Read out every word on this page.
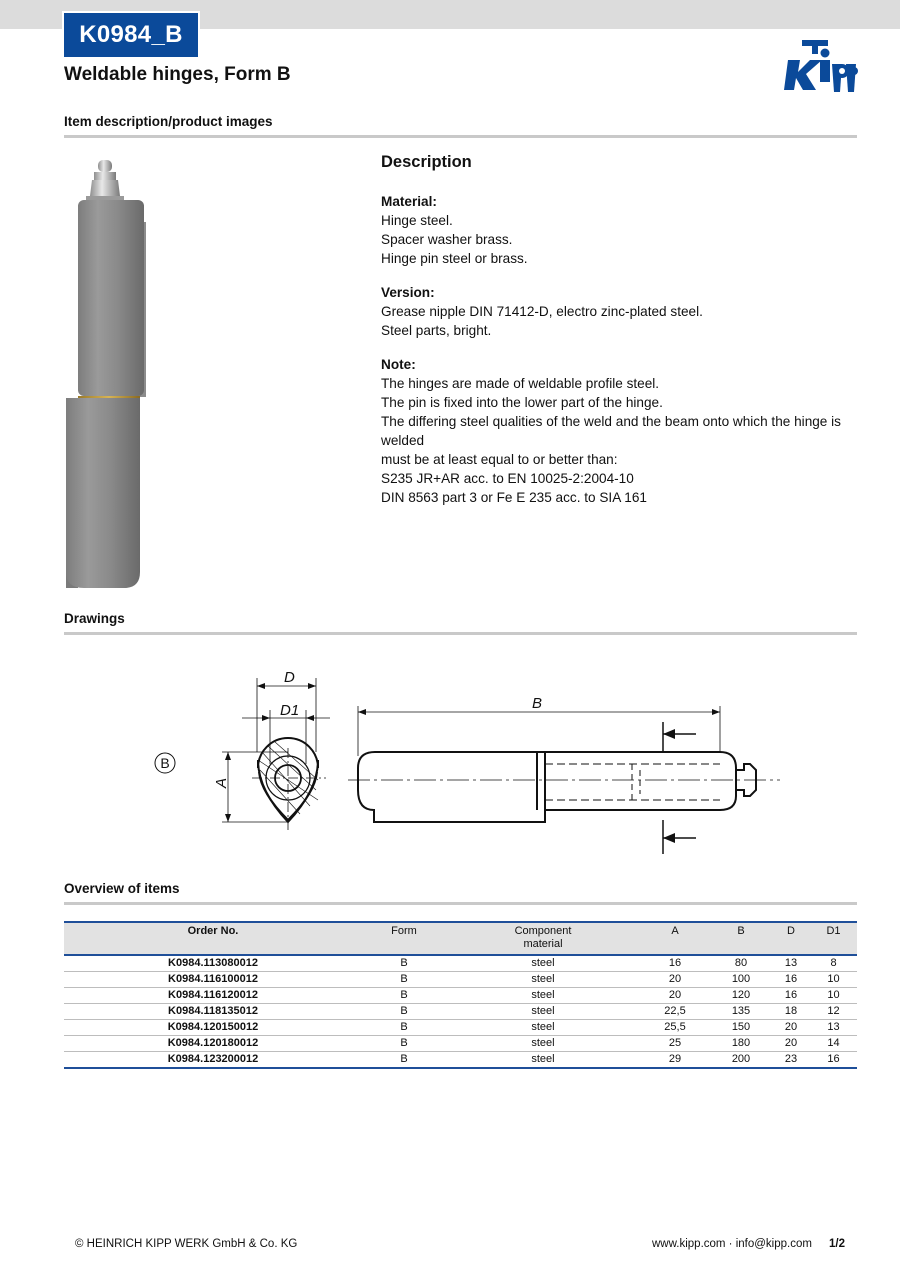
K0984_B
Weldable hinges, Form B
Kipp
Item description/product images
Description
Material:
Hinge steel.
Spacer washer brass.
Hinge pin steel or brass.
Version:
Grease nipple DIN 71412-D, electro zinc-plated steel.
Steel parts, bright.
Note:
The hinges are made of weldable profile steel.
The pin is fixed into the lower part of the hinge.
The differing steel qualities of the weld and the beam onto which the hinge is welded
must be at least equal to or better than:
S235 JR+AR acc. to EN 10025-2:2004-10
DIN 8563 part 3 or Fe E 235 acc. to SIA 161
Drawings
B
D
D1
A
B
Overview of items
Order No.	Form	Component
material	A	B	D	D1
K0984.113080012	B	steel	16	80	13	8
K0984.116100012	B	steel	20	100	16	10
K0984.116120012	B	steel	20	120	16	10
K0984.118135012	B	steel	22,5	135	18	12
K0984.120150012	B	steel	25,5	150	20	13
K0984.120180012	B	steel	25	180	20	14
K0984.123200012	B	steel	29	200	23	16
© HEINRICH KIPP WERK GmbH & Co. KG	www.kipp.com · info@kipp.com 1/2
